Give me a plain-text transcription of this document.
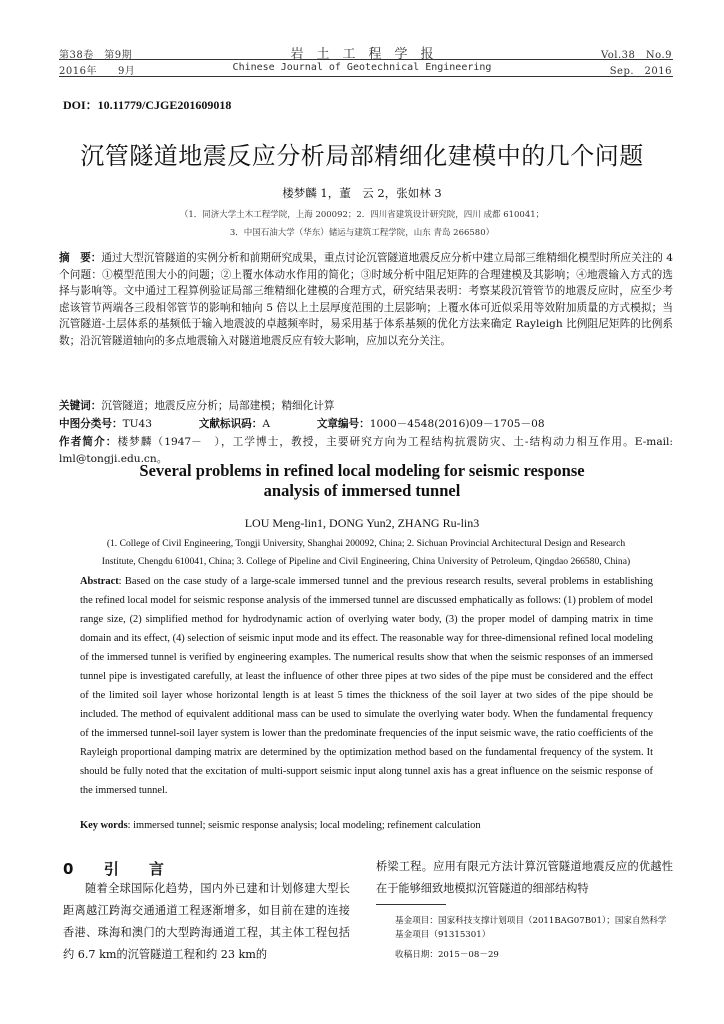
第38卷　第9期
2016年　　9月
岩　土　工　程　学　报
Chinese Journal of Geotechnical Engineering
Vol.38　No.9
Sep.　2016
DOI：10.11779/CJGE201609018
沉管隧道地震反应分析局部精细化建模中的几个问题
楼梦麟 1，董　云 2，张如林 3
（1．同济大学土木工程学院，上海 200092；2．四川省建筑设计研究院，四川 成都 610041；
3．中国石油大学（华东）储运与建筑工程学院，山东 青岛 266580）
摘　要：通过大型沉管隧道的实例分析和前期研究成果，重点讨论沉管隧道地震反应分析中建立局部三维精细化模型时所应关注的 4 个问题：①模型范围大小的问题；②上覆水体动水作用的简化；③时域分析中阻尼矩阵的合理建模及其影响；④地震输入方式的选择与影响等。文中通过工程算例验证局部三维精细化建模的合理方式，研究结果表明：考察某段沉管管节的地震反应时，应至少考虑该管节两端各三段相邻管节的影响和轴向 5 倍以上土层厚度范围的土层影响；上覆水体可近似采用等效附加质量的方式模拟；当沉管隧道-土层体系的基频低于输入地震波的卓越频率时，易采用基于体系基频的优化方法来确定 Rayleigh 比例阻尼矩阵的比例系数；沿沉管隧道轴向的多点地震输入对隧道地震反应有较大影响，应加以充分关注。
关键词：沉管隧道；地震反应分析；局部建模；精细化计算
中图分类号：TU43	文献标识码：A	文章编号：1000－4548(2016)09－1705－08
作者简介：楼梦麟（1947－　），工学博士，教授，主要研究方向为工程结构抗震防灾、土-结构动力相互作用。E-mail: lml@tongji.edu.cn。
Several problems in refined local modeling for seismic response
analysis of immersed tunnel
LOU Meng-lin1, DONG Yun2, ZHANG Ru-lin3
(1. College of Civil Engineering, Tongji University, Shanghai 200092, China; 2. Sichuan Provincial Architectural Design and Research
Institute, Chengdu 610041, China; 3. College of Pipeline and Civil Engineering, China University of Petroleum, Qingdao 266580, China)
Abstract: Based on the case study of a large-scale immersed tunnel and the previous research results, several problems in establishing the refined local model for seismic response analysis of the immersed tunnel are discussed emphatically as follows: (1) problem of model range size, (2) simplified method for hydrodynamic action of overlying water body, (3) the proper model of damping matrix in time domain and its effect, (4) selection of seismic input mode and its effect. The reasonable way for three-dimensional refined local modeling of the immersed tunnel is verified by engineering examples. The numerical results show that when the seismic responses of an immersed tunnel pipe is investigated carefully, at least the influence of other three pipes at two sides of the pipe must be considered and the effect of the limited soil layer whose horizontal length is at least 5 times the thickness of the soil layer at two sides of the pipe should be included. The method of equivalent additional mass can be used to simulate the overlying water body. When the fundamental frequency of the immersed tunnel-soil layer system is lower than the predominate frequencies of the input seismic wave, the ratio coefficients of the Rayleigh proportional damping matrix are determined by the optimization method based on the fundamental frequency of the system. It should be fully noted that the excitation of multi-support seismic input along tunnel axis has a great influence on the seismic response of the immersed tunnel.
Key words: immersed tunnel; seismic response analysis; local modeling; refinement calculation
0 引　　言

随着全球国际化趋势，国内外已建和计划修建大型长距离越江跨海交通通道工程逐渐增多，如目前在建的连接香港、珠海和澳门的大型跨海通道工程，其主体工程包括约 6.7 km的沉管隧道工程和约 23 km的

桥梁工程。应用有限元方法计算沉管隧道地震反应的优越性在于能够细致地模拟沉管隧道的细部结构特

基金项目：国家科技支撑计划项目（2011BAG07B01）；国家自然科学基金项目（91315301）
收稿日期：2015－08－29
